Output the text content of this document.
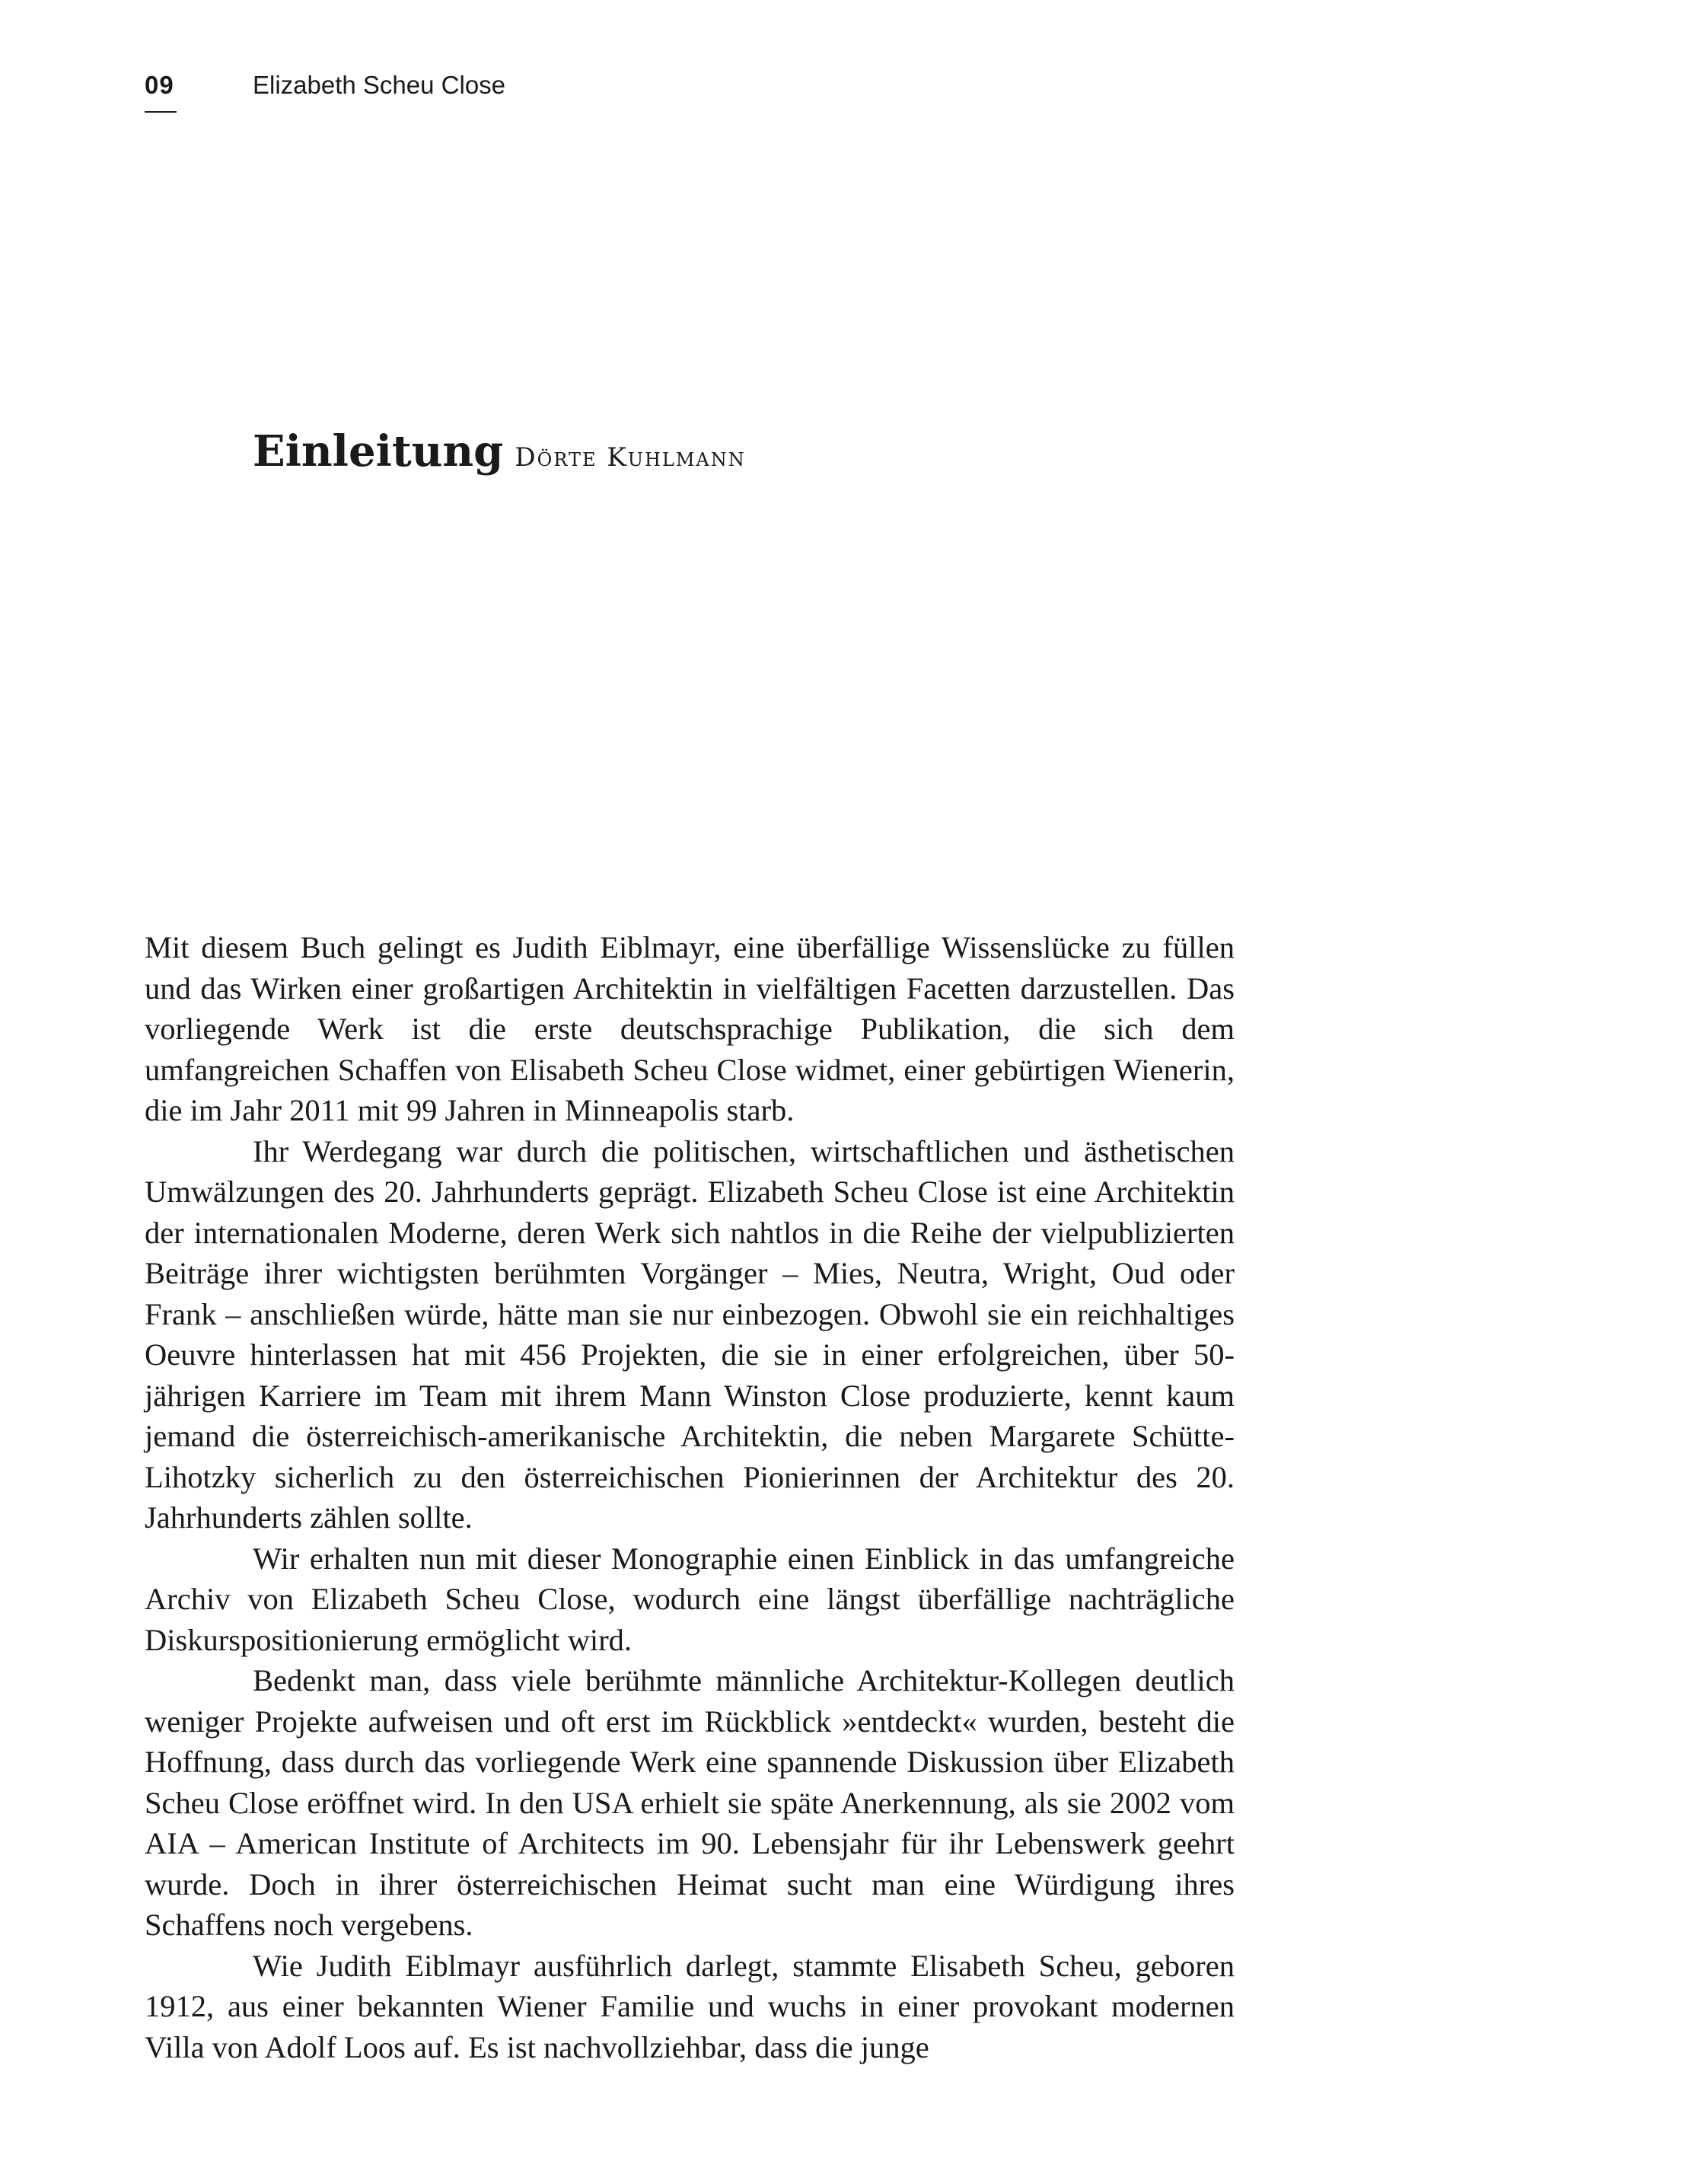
09	Elizabeth Scheu Close
Einleitung Dörte Kuhlmann

Mit diesem Buch gelingt es Judith Eiblmayr, eine überfällige Wissenslücke zu füllen und das Wirken einer großartigen Architektin in vielfältigen Facetten darzustellen. Das vorliegende Werk ist die erste deutschsprachige Publikation, die sich dem umfangreichen Schaffen von Elisabeth Scheu Close widmet, einer gebürtigen Wienerin, die im Jahr 2011 mit 99 Jahren in Minneapolis starb.

Ihr Werdegang war durch die politischen, wirtschaftlichen und ästhetischen Umwälzungen des 20. Jahrhunderts geprägt. Elizabeth Scheu Close ist eine Architektin der internationalen Moderne, deren Werk sich nahtlos in die Reihe der vielpublizierten Beiträge ihrer wichtigsten berühmten Vorgänger – Mies, Neutra, Wright, Oud oder Frank – anschließen würde, hätte man sie nur einbezogen. Obwohl sie ein reichhaltiges Oeuvre hinterlassen hat mit 456 Projekten, die sie in einer erfolgreichen, über 50-jährigen Karriere im Team mit ihrem Mann Winston Close produzierte, kennt kaum jemand die österreichisch-amerikanische Architektin, die neben Margarete Schütte-Lihotzky sicherlich zu den österreichischen Pionierinnen der Architektur des 20. Jahrhunderts zählen sollte.

Wir erhalten nun mit dieser Monographie einen Einblick in das umfangreiche Archiv von Elizabeth Scheu Close, wodurch eine längst überfällige nachträgliche Diskurspositionierung ermöglicht wird.

Bedenkt man, dass viele berühmte männliche Architektur-Kollegen deutlich weniger Projekte aufweisen und oft erst im Rückblick »entdeckt« wurden, besteht die Hoffnung, dass durch das vorliegende Werk eine spannende Diskussion über Elizabeth Scheu Close eröffnet wird. In den USA erhielt sie späte Anerkennung, als sie 2002 vom AIA – American Institute of Architects im 90. Lebensjahr für ihr Lebenswerk geehrt wurde. Doch in ihrer österreichischen Heimat sucht man eine Würdigung ihres Schaffens noch vergebens.

Wie Judith Eiblmayr ausführlich darlegt, stammte Elisabeth Scheu, geboren 1912, aus einer bekannten Wiener Familie und wuchs in einer provokant modernen Villa von Adolf Loos auf. Es ist nachvollziehbar, dass die junge
